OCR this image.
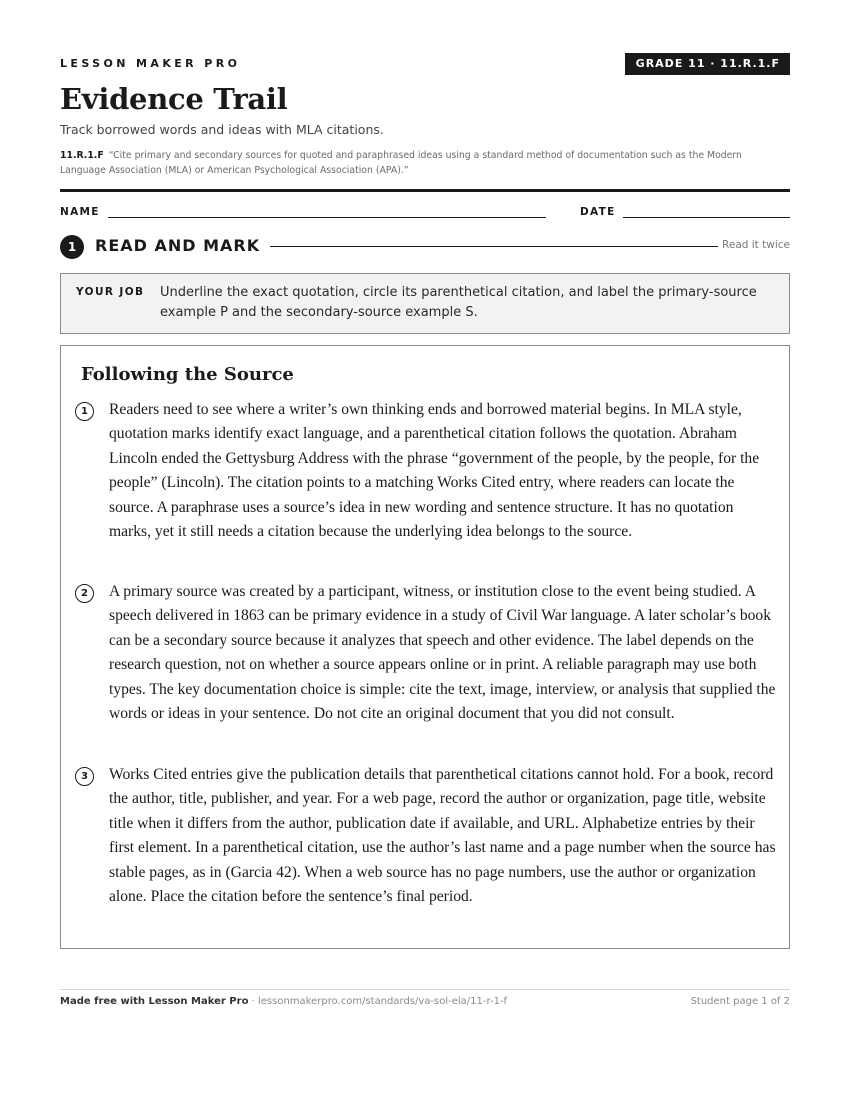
LESSON MAKER PRO	GRADE 11 · 11.R.1.F
Evidence Trail
Track borrowed words and ideas with MLA citations.
11.R.1.F “Cite primary and secondary sources for quoted and paraphrased ideas using a standard method of documentation such as the Modern Language Association (MLA) or American Psychological Association (APA).”
NAME	DATE
1	READ AND MARK	Read it twice
YOUR JOB Underline the exact quotation, circle its parenthetical citation, and label the primary-source example P and the secondary-source example S.
Following the Source
1	Readers need to see where a writer’s own thinking ends and borrowed material begins. In MLA style, quotation marks identify exact language, and a parenthetical citation follows the quotation. Abraham Lincoln ended the Gettysburg Address with the phrase “government of the people, by the people, for the people” (Lincoln). The citation points to a matching Works Cited entry, where readers can locate the source. A paraphrase uses a source’s idea in new wording and sentence structure. It has no quotation marks, yet it still needs a citation because the underlying idea belongs to the source.

2	A primary source was created by a participant, witness, or institution close to the event being studied. A speech delivered in 1863 can be primary evidence in a study of Civil War language. A later scholar’s book can be a secondary source because it analyzes that speech and other evidence. The label depends on the research question, not on whether a source appears online or in print. A reliable paragraph may use both types. The key documentation choice is simple: cite the text, image, interview, or analysis that supplied the words or ideas in your sentence. Do not cite an original document that you did not consult.

3	Works Cited entries give the publication details that parenthetical citations cannot hold. For a book, record the author, title, publisher, and year. For a web page, record the author or organization, page title, website title when it differs from the author, publication date if available, and URL. Alphabetize entries by their first element. In a parenthetical citation, use the author’s last name and a page number when the source has stable pages, as in (Garcia 42). When a web source has no page numbers, use the author or organization alone. Place the citation before the sentence’s final period.

Made free with Lesson Maker Pro · lessonmakerpro.com/standards/va-sol-ela/11-r-1-f	Student page 1 of 2
